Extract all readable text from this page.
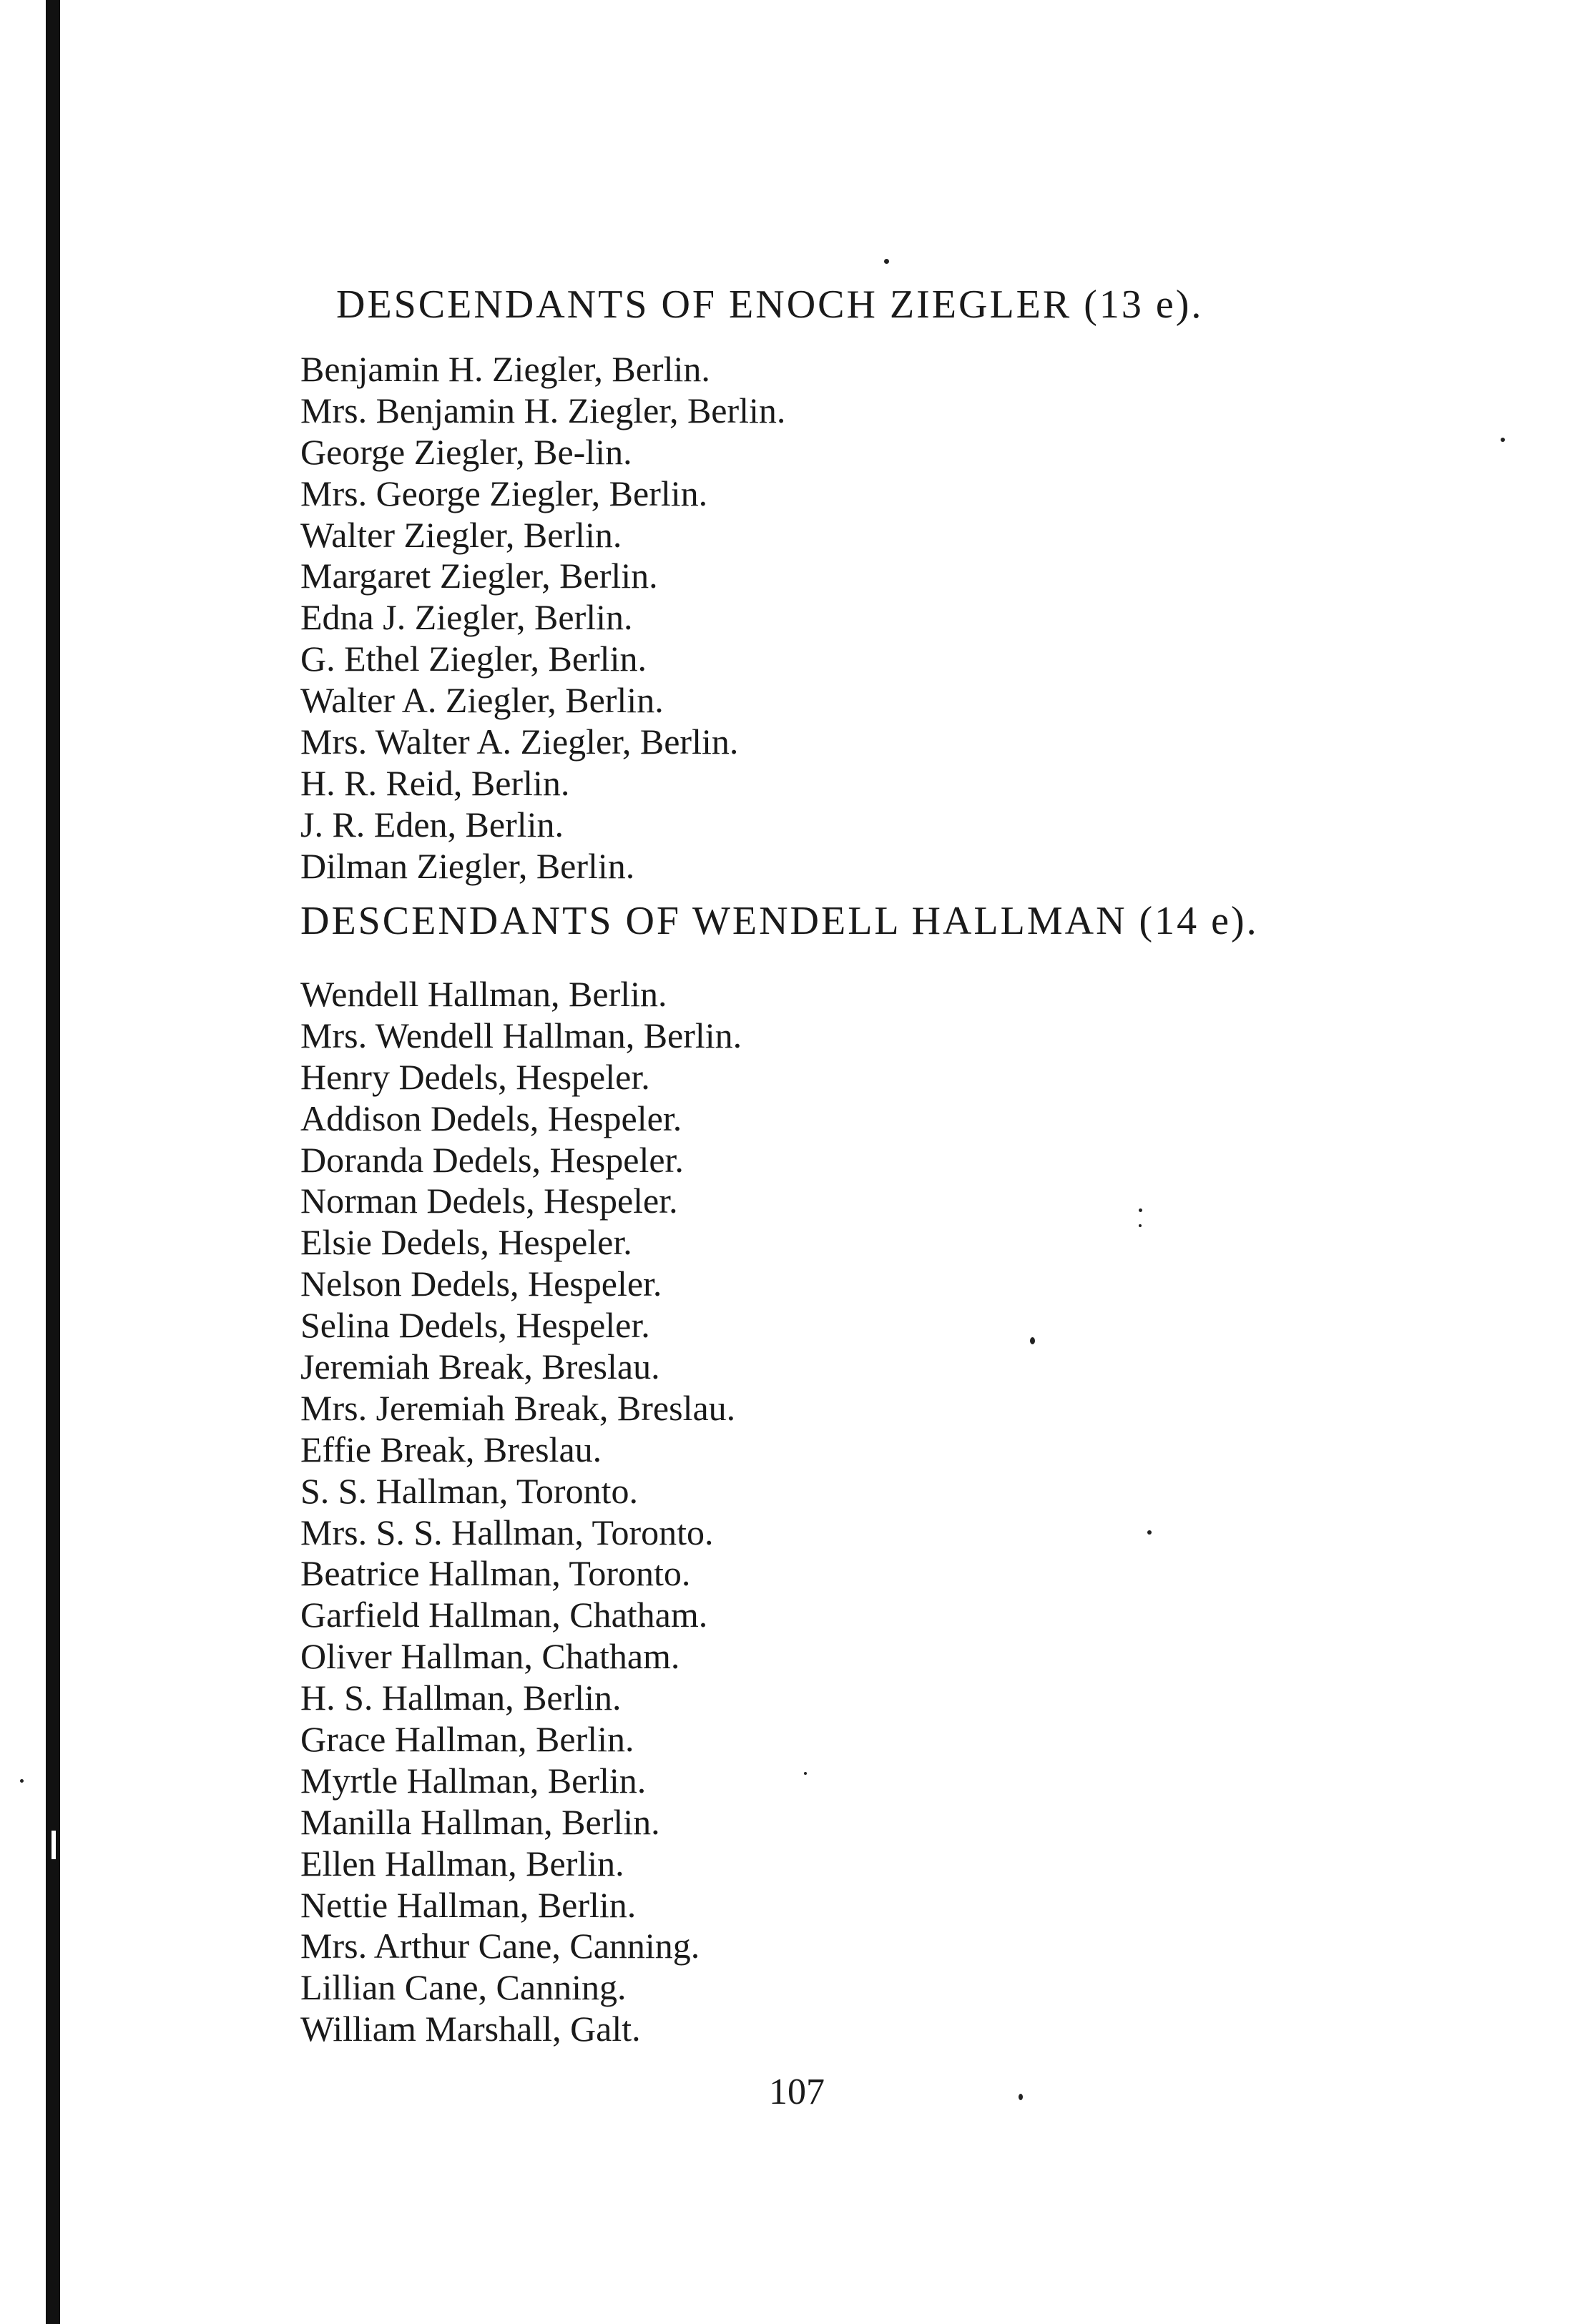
DESCENDANTS OF ENOCH ZIEGLER (13 e).
Benjamin H. Ziegler, Berlin.
Mrs. Benjamin H. Ziegler, Berlin.
George Ziegler, Be-lin.
Mrs. George Ziegler, Berlin.
Walter Ziegler, Berlin.
Margaret Ziegler, Berlin.
Edna J. Ziegler, Berlin.
G. Ethel Ziegler, Berlin.
Walter A. Ziegler, Berlin.
Mrs. Walter A. Ziegler, Berlin.
H. R. Reid, Berlin.
J. R. Eden, Berlin.
Dilman Ziegler, Berlin.
DESCENDANTS OF WENDELL HALLMAN (14 e).
Wendell Hallman, Berlin.
Mrs. Wendell Hallman, Berlin.
Henry Dedels, Hespeler.
Addison Dedels, Hespeler.
Doranda Dedels, Hespeler.
Norman Dedels, Hespeler.
Elsie Dedels, Hespeler.
Nelson Dedels, Hespeler.
Selina Dedels, Hespeler.
Jeremiah Break, Breslau.
Mrs. Jeremiah Break, Breslau.
Effie Break, Breslau.
S. S. Hallman, Toronto.
Mrs. S. S. Hallman, Toronto.
Beatrice Hallman, Toronto.
Garfield Hallman, Chatham.
Oliver Hallman, Chatham.
H. S. Hallman, Berlin.
Grace Hallman, Berlin.
Myrtle Hallman, Berlin.
Manilla Hallman, Berlin.
Ellen Hallman, Berlin.
Nettie Hallman, Berlin.
Mrs. Arthur Cane, Canning.
Lillian Cane, Canning.
William Marshall, Galt.
107
